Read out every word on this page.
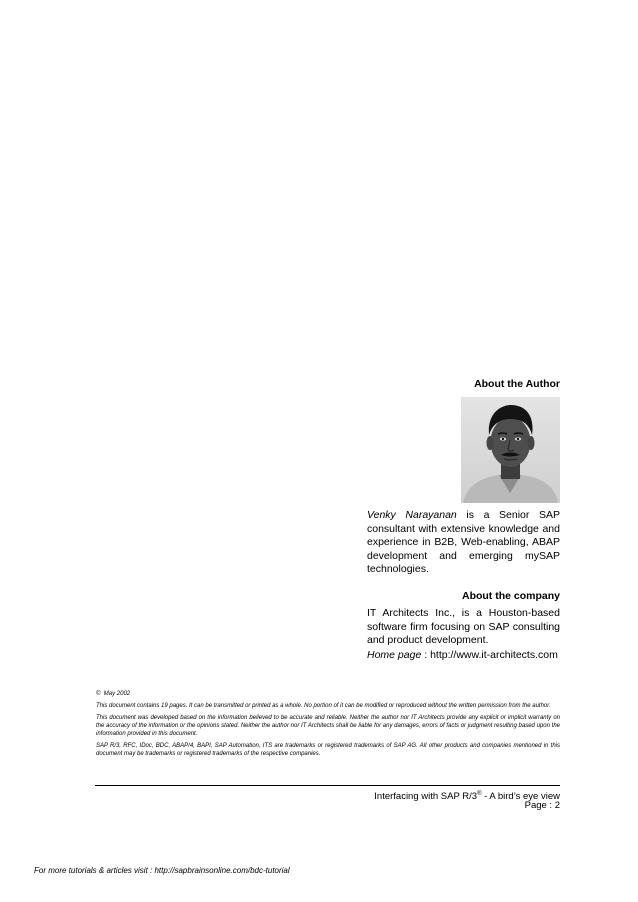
About the Author
Venky Narayanan is a Senior SAP consultant with extensive knowledge and experience in B2B, Web-enabling, ABAP development and emerging mySAP technologies.
About the company
IT Architects Inc., is a Houston-based software firm focusing on SAP consulting and product development.
Home page : http://www.it-architects.com

© May 2002

This document contains 19 pages. It can be transmitted or printed as a whole. No portion of it can be modified or reproduced without the written permission from the author.

This document was developed based on the information believed to be accurate and reliable. Neither the author nor IT Architects provide any explicit or implicit warranty on the accuracy of the information or the opinions stated. Neither the author nor IT Architects shall be liable for any damages, errors of facts or judgment resulting based upon the information provided in this document.

SAP R/3, RFC, IDoc, BDC, ABAP/4, BAPI, SAP Automation, ITS are trademarks or registered trademarks of SAP AG. All other products and companies mentioned in this document may be trademarks or registered trademarks of the respective companies.

Interfacing with SAP R/3® - A bird’s eye view
Page : 2
For more tutorials & articles visit : http://sapbrainsonline.com/bdc-tutorial
